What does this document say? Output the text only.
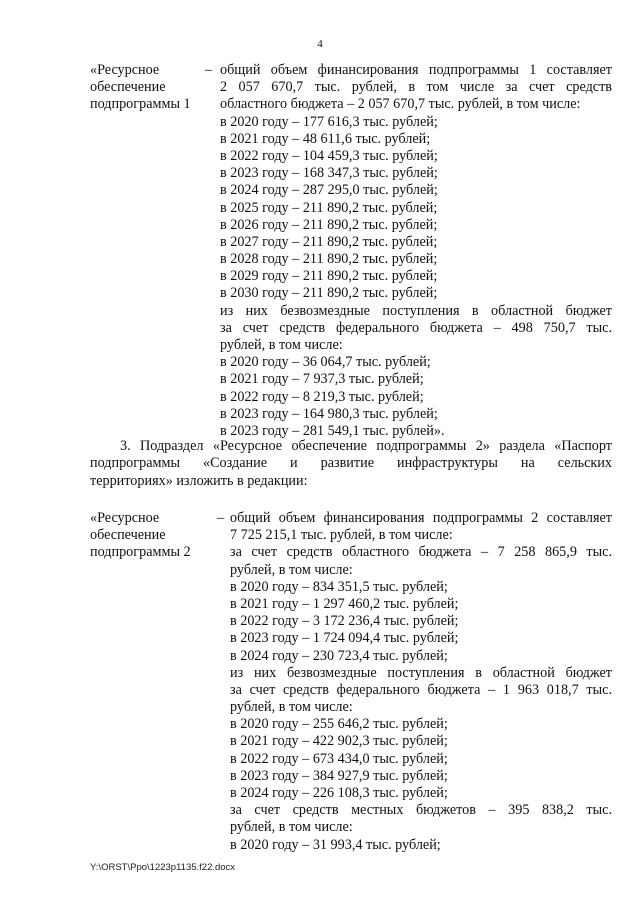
4
«Ресурсное
обеспечение
подпрограммы 1
– общий объем финансирования подпрограммы 1 составляет
2 057 670,7 тыс. рублей, в том числе за счет средств
областного бюджета – 2 057 670,7 тыс. рублей, в том числе:
в 2020 году – 177 616,3 тыс. рублей;
в 2021 году – 48 611,6 тыс. рублей;
в 2022 году – 104 459,3 тыс. рублей;
в 2023 году – 168 347,3 тыс. рублей;
в 2024 году – 287 295,0 тыс. рублей;
в 2025 году – 211 890,2 тыс. рублей;
в 2026 году – 211 890,2 тыс. рублей;
в 2027 году – 211 890,2 тыс. рублей;
в 2028 году – 211 890,2 тыс. рублей;
в 2029 году – 211 890,2 тыс. рублей;
в 2030 году – 211 890,2 тыс. рублей;
из них безвозмездные поступления в областной бюджет
за счет средств федерального бюджета – 498 750,7 тыс.
рублей, в том числе:
в 2020 году – 36 064,7 тыс. рублей;
в 2021 году – 7 937,3 тыс. рублей;
в 2022 году – 8 219,3 тыс. рублей;
в 2023 году – 164 980,3 тыс. рублей;
в 2023 году – 281 549,1 тыс. рублей».
3. Подраздел «Ресурсное обеспечение подпрограммы 2» раздела «Паспорт
подпрограммы «Создание и развитие инфраструктуры на сельских
территориях» изложить в редакции:
«Ресурсное
обеспечение
подпрограммы 2
– общий объем финансирования подпрограммы 2 составляет
7 725 215,1 тыс. рублей, в том числе:
за счет средств областного бюджета – 7 258 865,9 тыс.
рублей, в том числе:
в 2020 году – 834 351,5 тыс. рублей;
в 2021 году – 1 297 460,2 тыс. рублей;
в 2022 году – 3 172 236,4 тыс. рублей;
в 2023 году – 1 724 094,4 тыс. рублей;
в 2024 году – 230 723,4 тыс. рублей;
из них безвозмездные поступления в областной бюджет
за счет средств федерального бюджета – 1 963 018,7 тыс.
рублей, в том числе:
в 2020 году – 255 646,2 тыс. рублей;
в 2021 году – 422 902,3 тыс. рублей;
в 2022 году – 673 434,0 тыс. рублей;
в 2023 году – 384 927,9 тыс. рублей;
в 2024 году – 226 108,3 тыс. рублей;
за счет средств местных бюджетов – 395 838,2 тыс.
рублей, в том числе:
в 2020 году – 31 993,4 тыс. рублей;
Y:\ORST\Ppo\1223p1135.f22.docx
